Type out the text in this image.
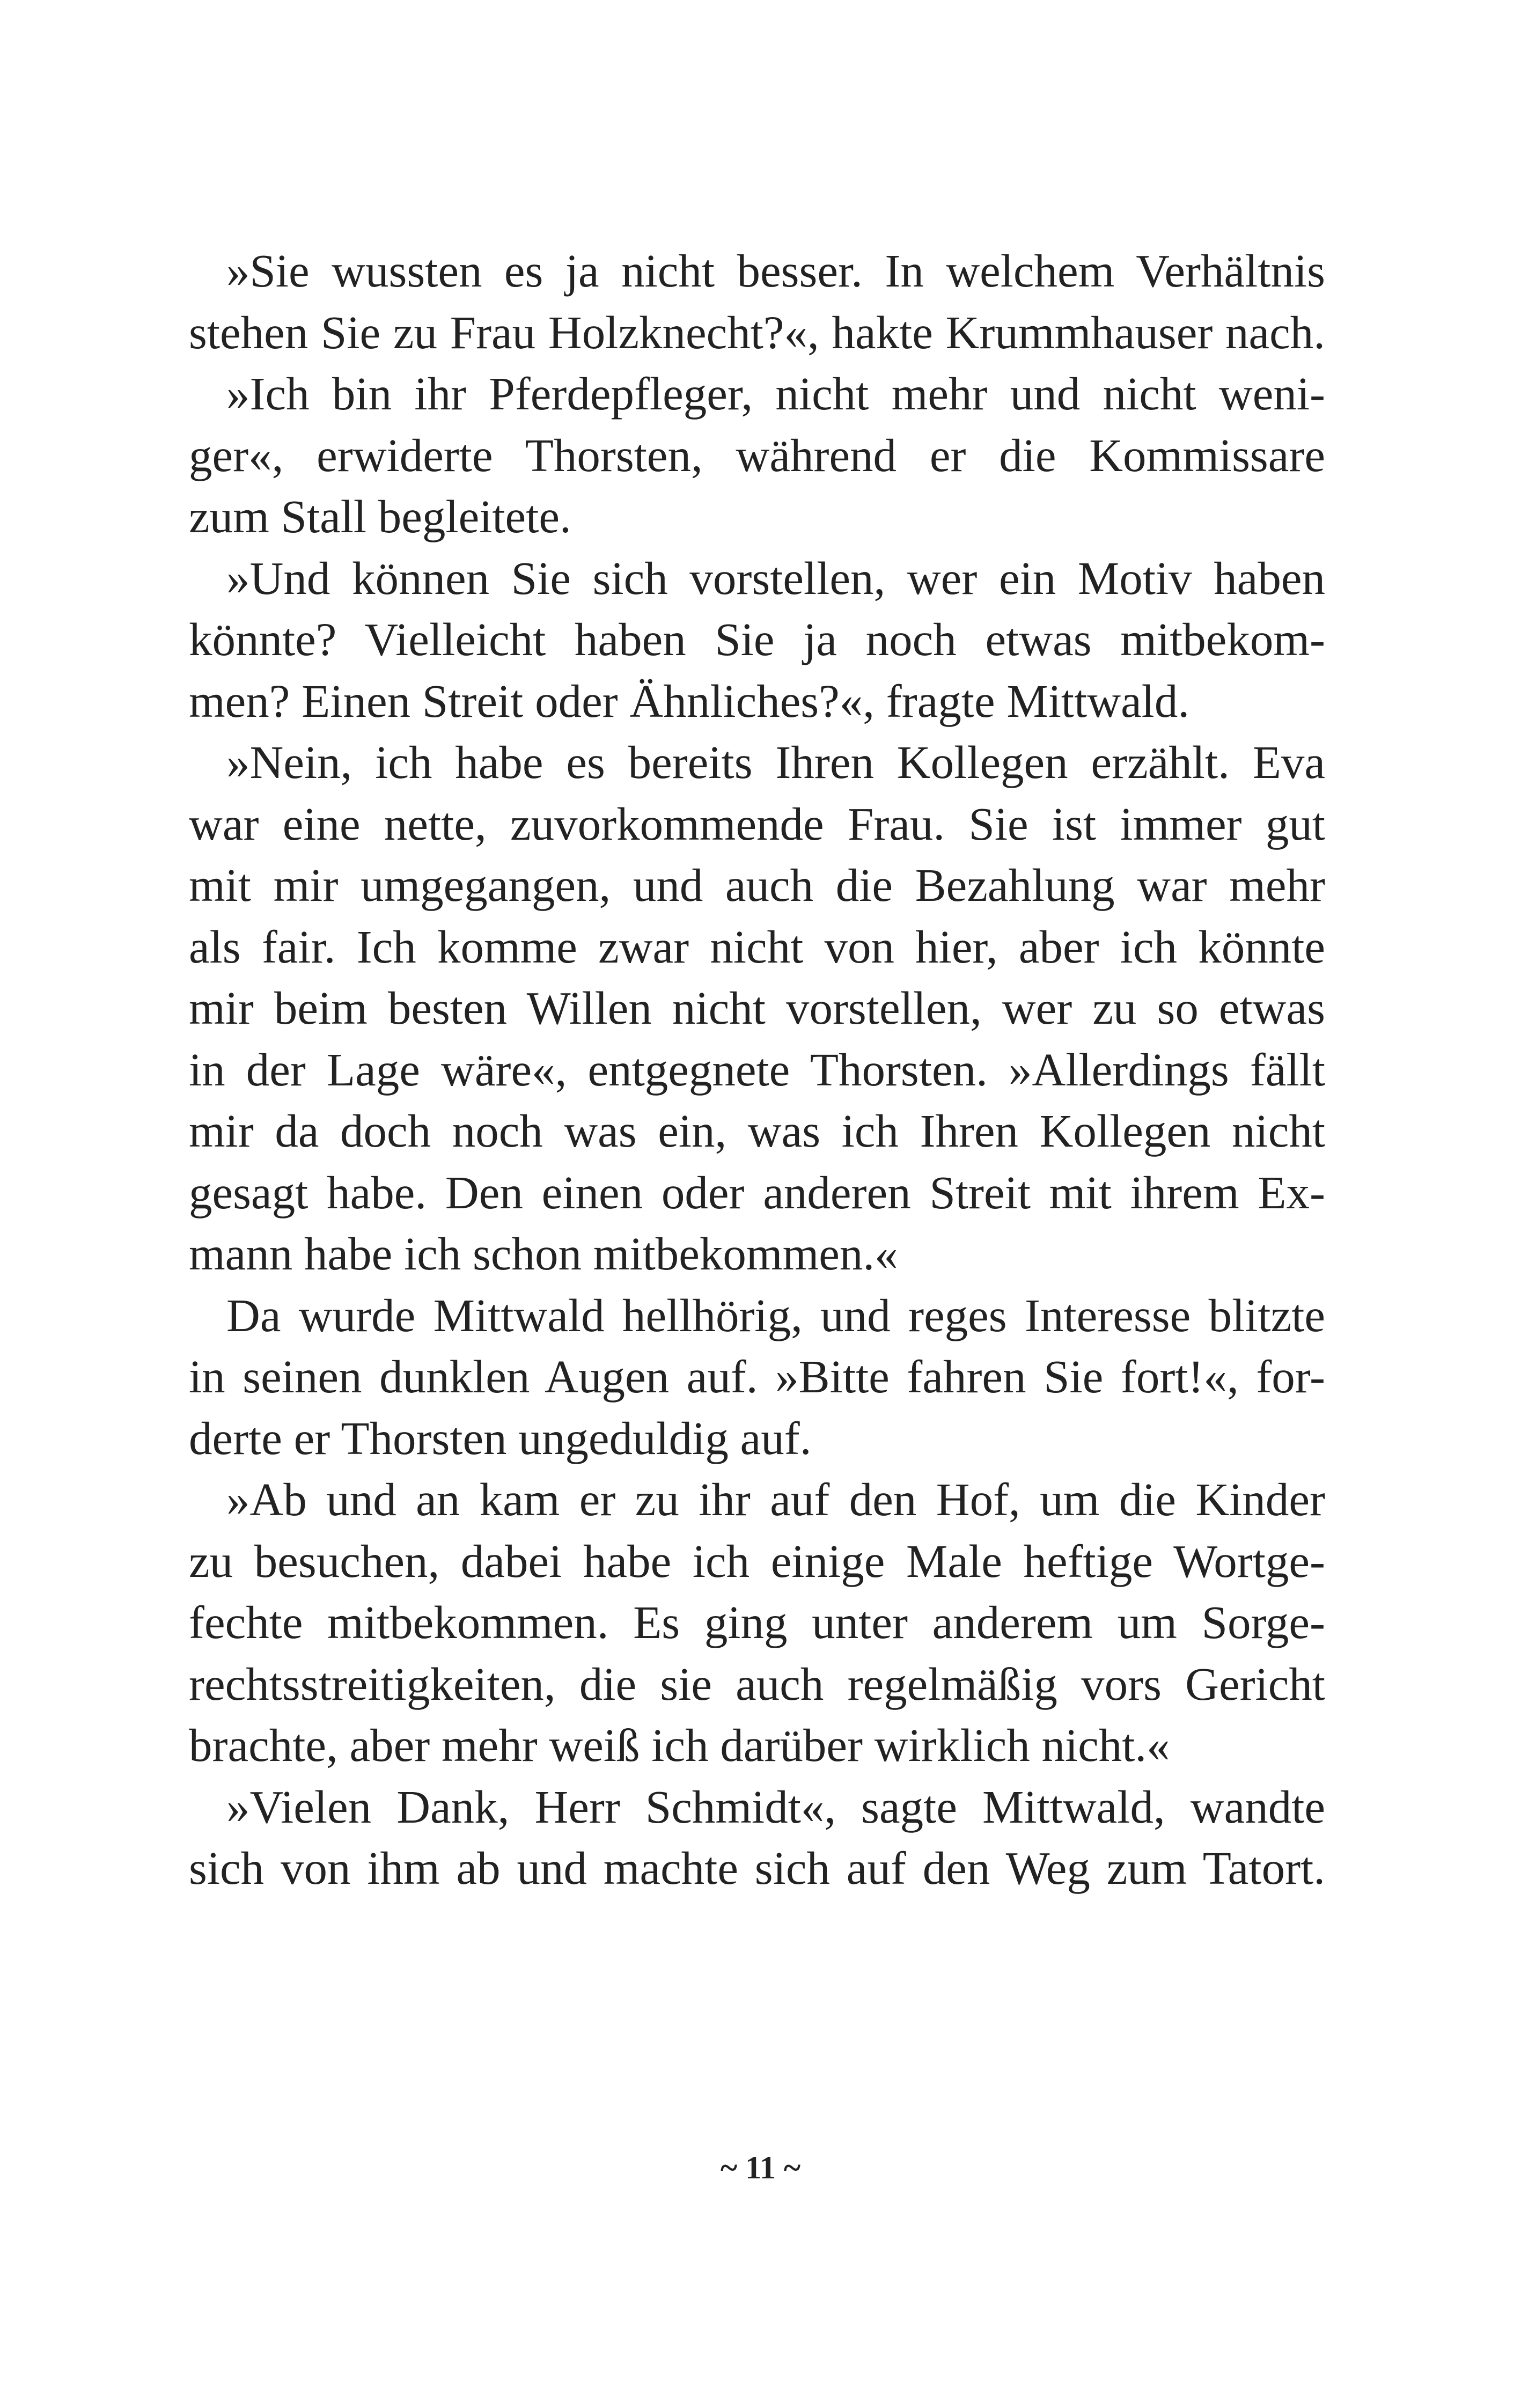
»Sie wussten es ja nicht besser. In welchem Verhältnis
stehen Sie zu Frau Holzknecht?«, hakte Krummhauser nach.
»Ich bin ihr Pferdepfleger, nicht mehr und nicht weni-
ger«, erwiderte Thorsten, während er die Kommissare
zum Stall begleitete.
»Und können Sie sich vorstellen, wer ein Motiv haben
könnte? Vielleicht haben Sie ja noch etwas mitbekom-
men? Einen Streit oder Ähnliches?«, fragte Mittwald.
»Nein, ich habe es bereits Ihren Kollegen erzählt. Eva
war eine nette, zuvorkommende Frau. Sie ist immer gut
mit mir umgegangen, und auch die Bezahlung war mehr
als fair. Ich komme zwar nicht von hier, aber ich könnte
mir beim besten Willen nicht vorstellen, wer zu so etwas
in der Lage wäre«, entgegnete Thorsten. »Allerdings fällt
mir da doch noch was ein, was ich Ihren Kollegen nicht
gesagt habe. Den einen oder anderen Streit mit ihrem Ex-
mann habe ich schon mitbekommen.«
Da wurde Mittwald hellhörig, und reges Interesse blitzte
in seinen dunklen Augen auf. »Bitte fahren Sie fort!«, for-
derte er Thorsten ungeduldig auf.
»Ab und an kam er zu ihr auf den Hof, um die Kinder
zu besuchen, dabei habe ich einige Male heftige Wortge-
fechte mitbekommen. Es ging unter anderem um Sorge-
rechtsstreitigkeiten, die sie auch regelmäßig vors Gericht
brachte, aber mehr weiß ich darüber wirklich nicht.«
»Vielen Dank, Herr Schmidt«, sagte Mittwald, wandte
sich von ihm ab und machte sich auf den Weg zum Tatort.
~ 11 ~
